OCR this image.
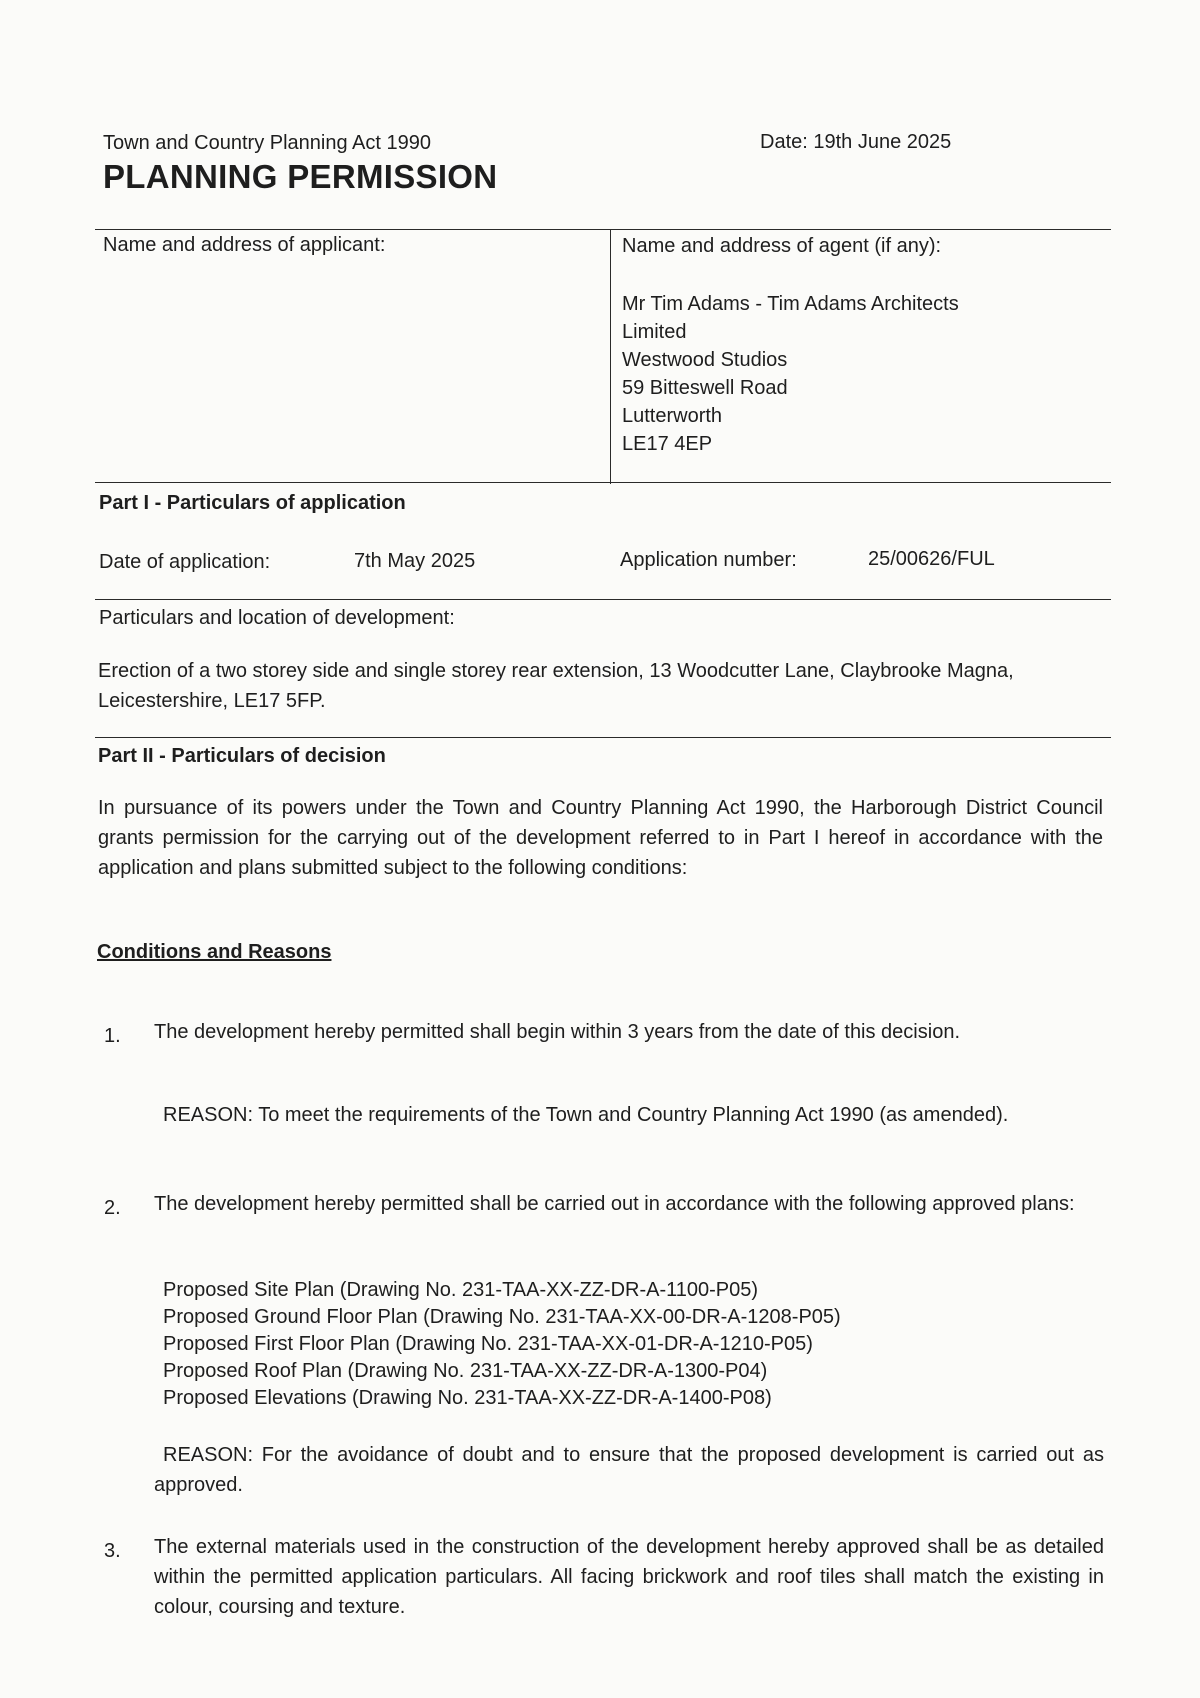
Town and Country Planning Act 1990
PLANNING PERMISSION
Date: 19th June 2025
Name and address of applicant:	Name and address of agent (if any):
Mr Tim Adams - Tim Adams Architects
Limited
Westwood Studios
59 Bitteswell Road
Lutterworth
LE17 4EP
Part I - Particulars of application
Date of application:	7th May 2025	Application number:	25/00626/FUL
Particulars and location of development:
Erection of a two storey side and single storey rear extension, 13 Woodcutter Lane, Claybrooke Magna, Leicestershire, LE17 5FP.
Part II - Particulars of decision
In pursuance of its powers under the Town and Country Planning Act 1990, the Harborough District Council grants permission for the carrying out of the development referred to in Part I hereof in accordance with the application and plans submitted subject to the following conditions:
Conditions and Reasons
1. The development hereby permitted shall begin within 3 years from the date of this decision.
REASON: To meet the requirements of the Town and Country Planning Act 1990 (as amended).
2. The development hereby permitted shall be carried out in accordance with the following approved plans:
Proposed Site Plan (Drawing No. 231-TAA-XX-ZZ-DR-A-1100-P05)
Proposed Ground Floor Plan (Drawing No. 231-TAA-XX-00-DR-A-1208-P05)
Proposed First Floor Plan (Drawing No. 231-TAA-XX-01-DR-A-1210-P05)
Proposed Roof Plan (Drawing No. 231-TAA-XX-ZZ-DR-A-1300-P04)
Proposed Elevations (Drawing No. 231-TAA-XX-ZZ-DR-A-1400-P08)
REASON: For the avoidance of doubt and to ensure that the proposed development is carried out as approved.
3. The external materials used in the construction of the development hereby approved shall be as detailed within the permitted application particulars. All facing brickwork and roof tiles shall match the existing in colour, coursing and texture.
